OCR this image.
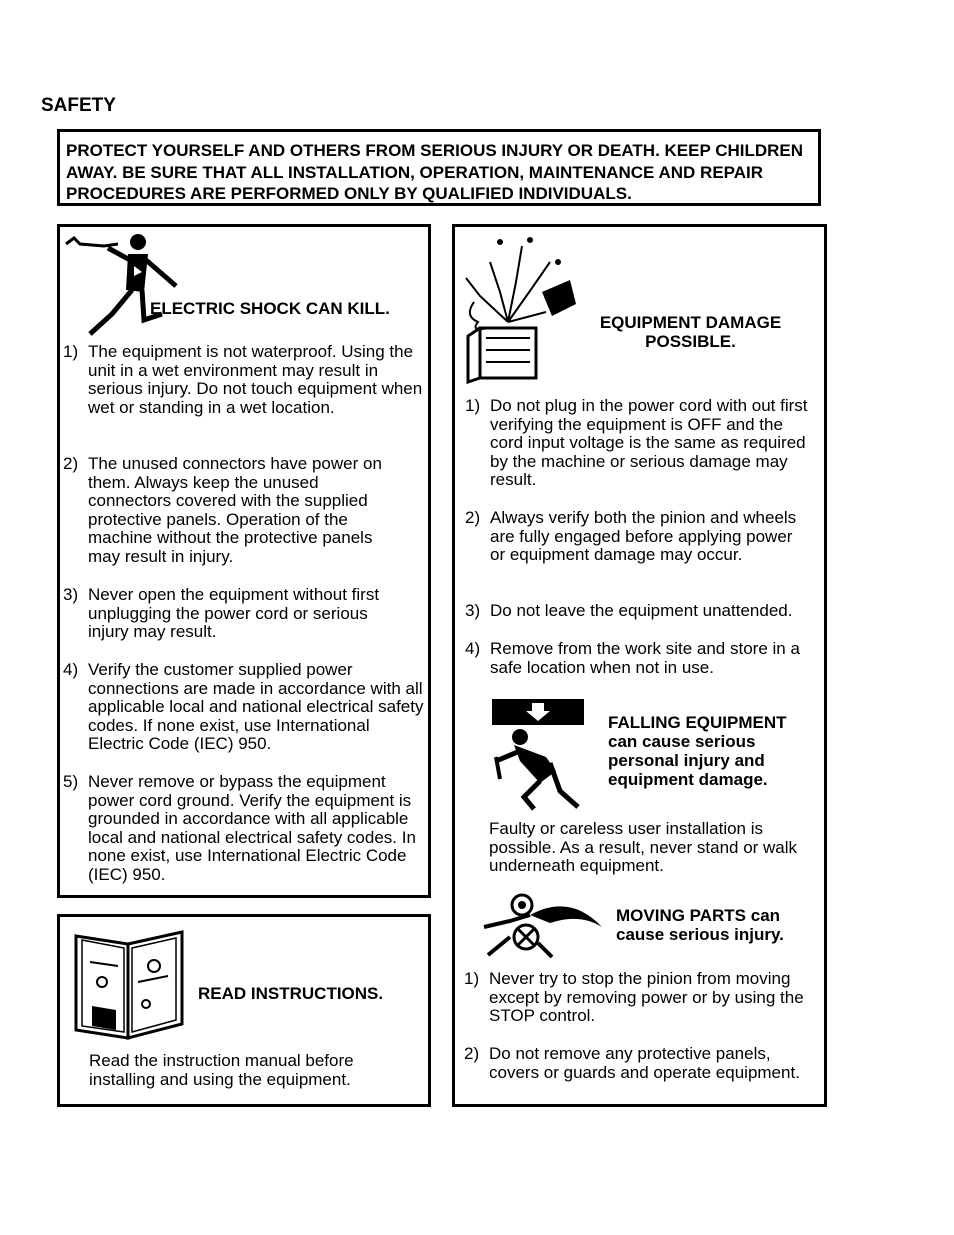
SAFETY
PROTECT YOURSELF AND OTHERS FROM SERIOUS INJURY OR DEATH. KEEP CHILDREN AWAY. BE SURE THAT ALL INSTALLATION, OPERATION, MAINTENANCE AND REPAIR PROCEDURES ARE PERFORMED ONLY BY QUALIFIED INDIVIDUALS.
ELECTRIC SHOCK CAN KILL.
1) The equipment is not waterproof. Using the unit in a wet environment may result in serious injury. Do not touch equipment when wet or standing in a wet location.
2) The unused connectors have power on them. Always keep the unused connectors covered with the supplied protective panels. Operation of the machine without the protective panels may result in injury.
3) Never open the equipment without first unplugging the power cord or serious injury may result.
4) Verify the customer supplied power connections are made in accordance with all applicable local and national electrical safety codes. If none exist, use International Electric Code (IEC) 950.
5) Never remove or bypass the equipment power cord ground. Verify the equipment is grounded in accordance with all applicable local and national electrical safety codes. In none exist, use International Electric Code (IEC) 950.
READ INSTRUCTIONS.
Read the instruction manual before installing and using the equipment.
EQUIPMENT DAMAGE POSSIBLE.
1) Do not plug in the power cord with out first verifying the equipment is OFF and the cord input voltage is the same as required by the machine or serious damage may result.
2) Always verify both the pinion and wheels are fully engaged before applying power or equipment damage may occur.
3) Do not leave the equipment unattended.
4) Remove from the work site and store in a safe location when not in use.
FALLING EQUIPMENT can cause serious personal injury and equipment damage.
Faulty or careless user installation is possible. As a result, never stand or walk underneath equipment.
MOVING PARTS can cause serious injury.
1) Never try to stop the pinion from moving except by removing power or by using the STOP control.
2) Do not remove any protective panels, covers or guards and operate equipment.
